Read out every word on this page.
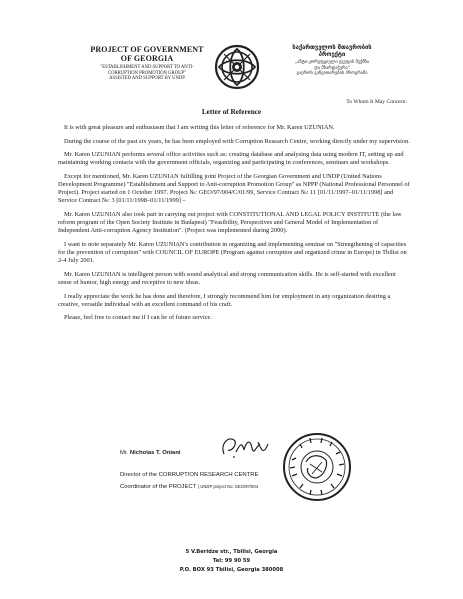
PROJECT OF GOVERNMENT
OF GEORGIA
"ESTABLISHMENT AND SUPPORT TO ANTI-
CORRUPTION PROMOTION GROUP"
ASSISTED AND SUPPORT BY UNDP
საქართველოს მთავრობის
პროექტი
„ანტი-კორუფციული ჯგუფის შექმნა
და მხარდაჭერა"
გაეროს განვითარების პროგრამა
To Whom It May Concern:
Letter of Reference

It is with great pleasure and enthusiasm that I am writing this letter of reference for Mr. Karen UZUNIAN.

During the course of the past six years, he has been employed with Corruption Research Centre, working directly under my supervision.

Mr. Karen UZUNIAN performs several office activities such as: creating database and analysing data using modern IT, setting up and maintaining working contacts with the government officials, organizing and participating in conferences, seminars and workshops.

Except for mentioned, Mr. Karen UZUNIAN fulfilling joint Project of the Georgian Government and UNDP (United Nations Development Programme) "Establishment and Support to Anti-corruption Promotion Group" as NPPP (National Professional Personnel of Project). Project started on 1 October 1997. Project №: GEO/97/004/C/01/99, Service Contract №: 11 [01/11/1997–01/11/1998] and Service Contract №: 3 [01/11/1998–01/11/1999] –

Mr. Karen UZUNIAN also took part in carrying out project with CONSTITUTIONAL AND LEGAL POLICY INSTITUTE (the law reform program of the Open Society Institute in Budapest) "Feasibility, Perspectives and General Model of Implementation of Independent Anti-corruption Agency Institution". (Project was implemented during 2000).

I want to note separately Mr. Karen UZUNIAN's contribution in organizing and implementing seminar on "Strengthening of capacities for the prevention of corruption" with COUNCIL OF EUROPE (Program against corruption and organized crime in Europe) in Tbilisi on 2-4 July 2001.

Mr. Karen UZUNIAN is intelligent person with sound analytical and strong communication skills. He is self-started with excellent sense of humor, high energy and receptive to new ideas.

I really appreciate the work he has done and therefore, I strongly recommend him for employment in any organization desiring a creative, versatile individual with an excellent command of his craft.

Please, feel free to contact me if I can be of future service.

Mr. Nicholas T. Oniani
Director of the CORRUPTION RESEARCH CENTRE
Coordinator of the PROJECT ( UNDP project No: GEO/97/004
5 V.Beridze str., Tbilisi, Georgia
Tel: 99 90 59
P.O. BOX 93 Tbilisi, Georgia 380008
